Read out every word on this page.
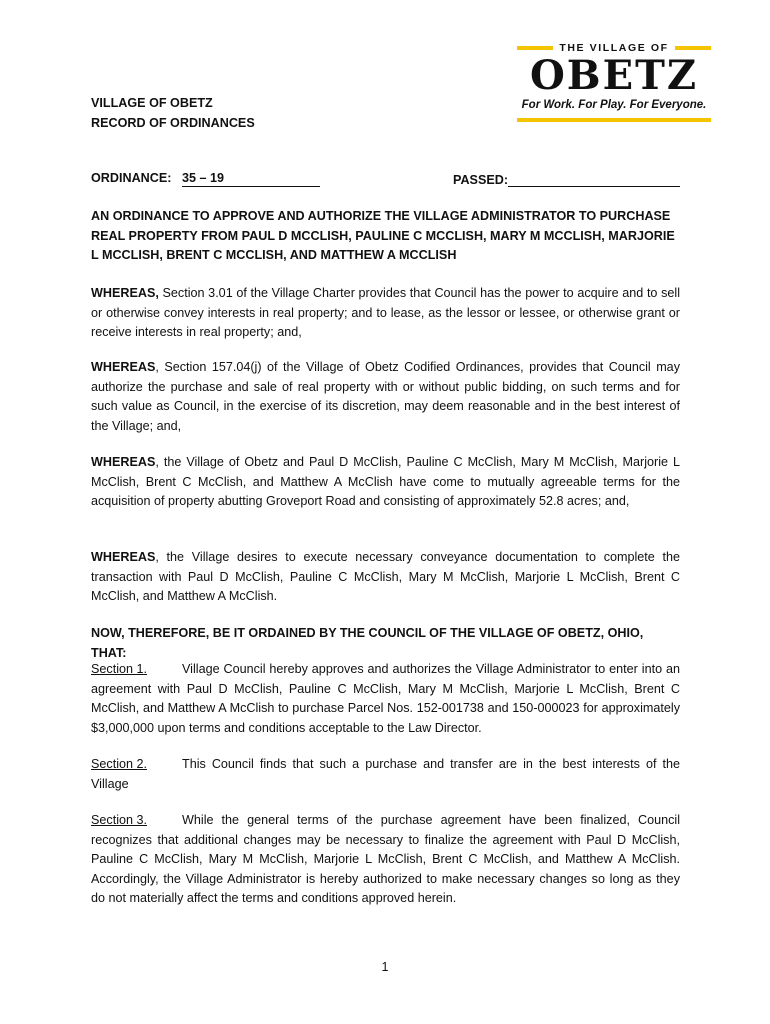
THE VILLAGE OF
OBETZ
For Work. For Play. For Everyone.
VILLAGE OF OBETZ
RECORD OF ORDINANCES
ORDINANCE: 35 – 19	PASSED:
AN ORDINANCE TO APPROVE AND AUTHORIZE THE VILLAGE ADMINISTRATOR TO PURCHASE REAL PROPERTY FROM PAUL D MCCLISH, PAULINE C MCCLISH, MARY M MCCLISH, MARJORIE L MCCLISH, BRENT C MCCLISH, AND MATTHEW A MCCLISH
WHEREAS, Section 3.01 of the Village Charter provides that Council has the power to acquire and to sell or otherwise convey interests in real property; and to lease, as the lessor or lessee, or otherwise grant or receive interests in real property; and,
WHEREAS, Section 157.04(j) of the Village of Obetz Codified Ordinances, provides that Council may authorize the purchase and sale of real property with or without public bidding, on such terms and for such value as Council, in the exercise of its discretion, may deem reasonable and in the best interest of the Village; and,
WHEREAS, the Village of Obetz and Paul D McClish, Pauline C McClish, Mary M McClish, Marjorie L McClish, Brent C McClish, and Matthew A McClish have come to mutually agreeable terms for the acquisition of property abutting Groveport Road and consisting of approximately 52.8 acres; and,
WHEREAS, the Village desires to execute necessary conveyance documentation to complete the transaction with Paul D McClish, Pauline C McClish, Mary M McClish, Marjorie L McClish, Brent C McClish, and Matthew A McClish.
NOW, THEREFORE, BE IT ORDAINED BY THE COUNCIL OF THE VILLAGE OF OBETZ, OHIO, THAT:
Section 1.	Village Council hereby approves and authorizes the Village Administrator to enter into an agreement with Paul D McClish, Pauline C McClish, Mary M McClish, Marjorie L McClish, Brent C McClish, and Matthew A McClish to purchase Parcel Nos. 152-001738 and 150-000023 for approximately $3,000,000 upon terms and conditions acceptable to the Law Director.
Section 2.	This Council finds that such a purchase and transfer are in the best interests of the Village
Section 3.	While the general terms of the purchase agreement have been finalized, Council recognizes that additional changes may be necessary to finalize the agreement with Paul D McClish, Pauline C McClish, Mary M McClish, Marjorie L McClish, Brent C McClish, and Matthew A McClish. Accordingly, the Village Administrator is hereby authorized to make necessary changes so long as they do not materially affect the terms and conditions approved herein.
1
